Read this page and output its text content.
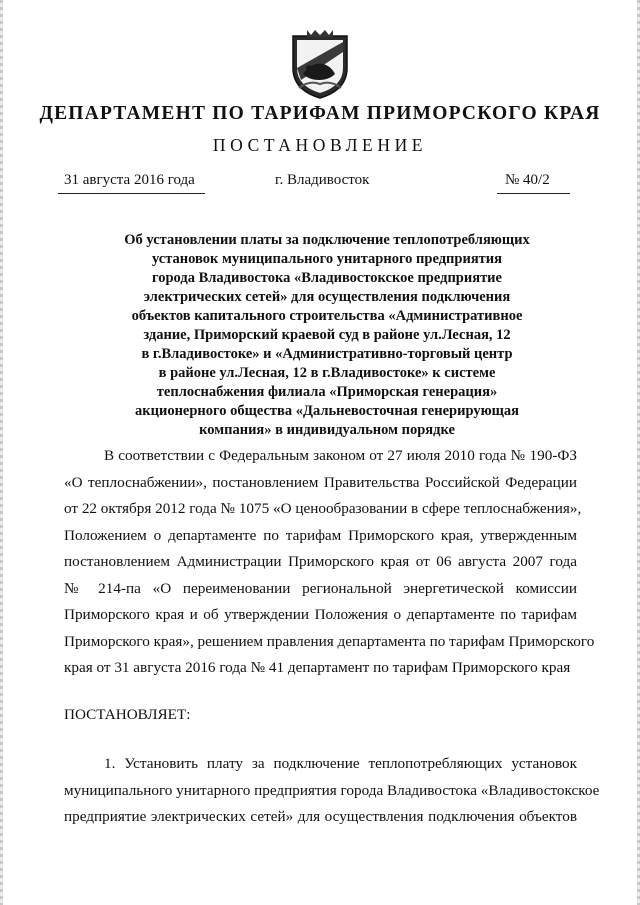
ДЕПАРТАМЕНТ ПО ТАРИФАМ ПРИМОРСКОГО КРАЯ
ПОСТАНОВЛЕНИЕ
31 августа 2016 года	г. Владивосток	№ 40/2
Об установлении платы за подключение теплопотребляющих
установок муниципального унитарного предприятия
города Владивостока «Владивостокское предприятие
электрических сетей» для осуществления подключения
объектов капитального строительства «Административное
здание, Приморский краевой суд в районе ул.Лесная, 12
в г.Владивостоке» и «Административно-торговый центр
в районе ул.Лесная, 12 в г.Владивостоке» к системе
теплоснабжения филиала «Приморская генерация»
акционерного общества «Дальневосточная генерирующая
компания» в индивидуальном порядке
В соответствии с Федеральным законом от 27 июля 2010 года № 190-ФЗ
«О теплоснабжении», постановлением Правительства Российской Федерации
от 22 октября 2012 года № 1075 «О ценообразовании в сфере теплоснабжения»,
Положением о департаменте по тарифам Приморского края, утвержденным
постановлением Администрации Приморского края от 06 августа 2007 года
№ 214-па «О переименовании региональной энергетической комиссии
Приморского края и об утверждении Положения о департаменте по тарифам
Приморского края», решением правления департамента по тарифам Приморского
края от 31 августа 2016 года № 41 департамент по тарифам Приморского края
ПОСТАНОВЛЯЕТ:
1. Установить плату за подключение теплопотребляющих установок
муниципального унитарного предприятия города Владивостока «Владивостокское
предприятие электрических сетей» для осуществления подключения объектов
